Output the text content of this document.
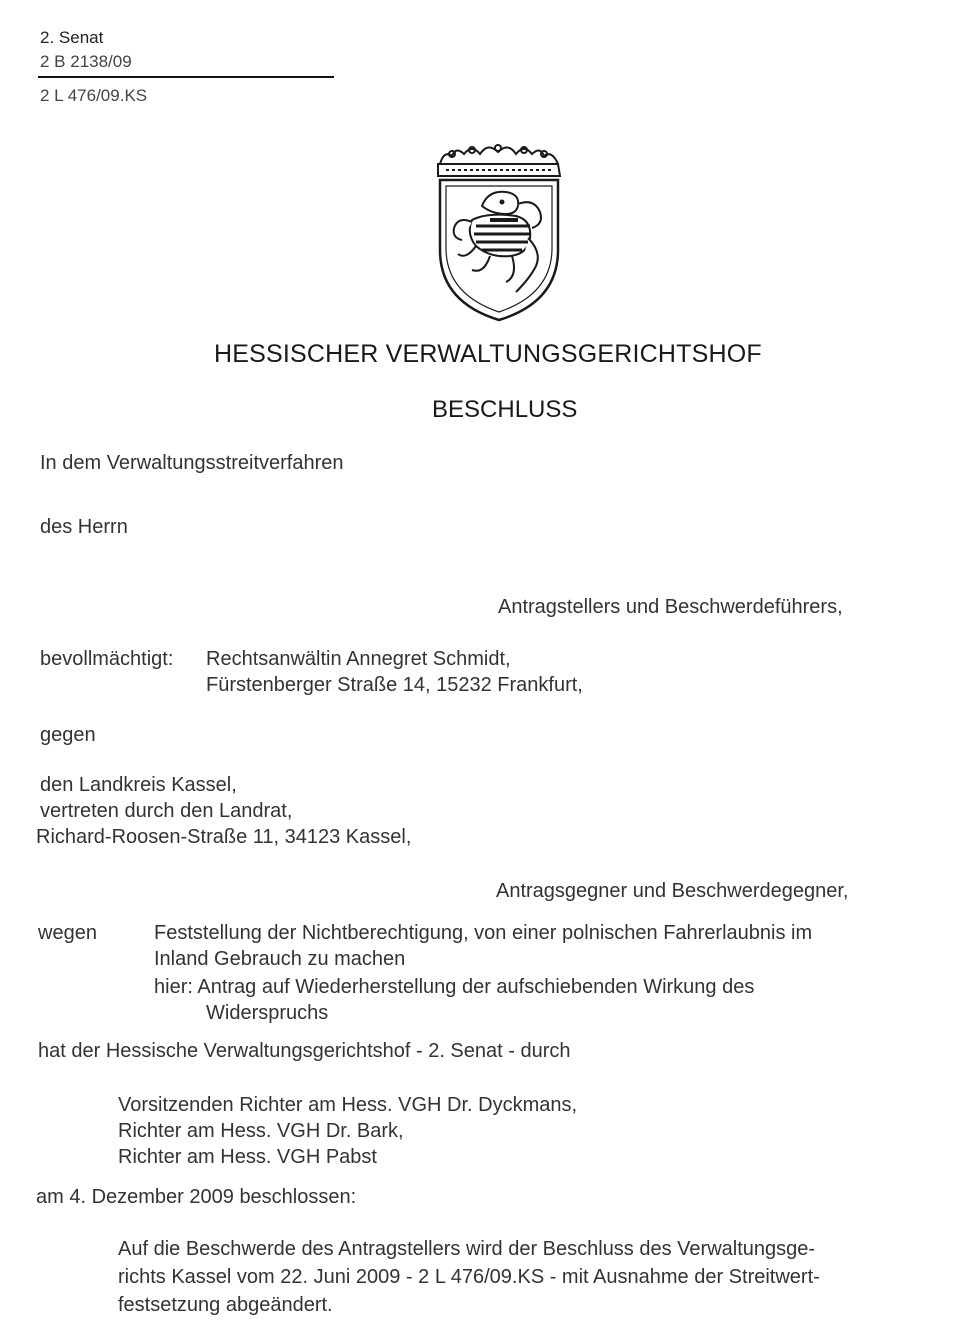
2. Senat
2 B 2138/09
2 L 476/09.KS
HESSISCHER VERWALTUNGSGERICHTSHOF
BESCHLUSS
In dem Verwaltungsstreitverfahren
des Herrn
Antragstellers und Beschwerdeführers,
bevollmächtigt: Rechtsanwältin Annegret Schmidt,
Fürstenberger Straße 14, 15232 Frankfurt,
gegen
den Landkreis Kassel,
vertreten durch den Landrat,
Richard-Roosen-Straße 11, 34123 Kassel,
Antragsgegner und Beschwerdegegner,
wegen	Feststellung der Nichtberechtigung, von einer polnischen Fahrerlaubnis im
Inland Gebrauch zu machen
hier: Antrag auf Wiederherstellung der aufschiebenden Wirkung des
Widerspruchs
hat der Hessische Verwaltungsgerichtshof - 2. Senat - durch
Vorsitzenden Richter am Hess. VGH Dr. Dyckmans,
Richter am Hess. VGH Dr. Bark,
Richter am Hess. VGH Pabst
am 4. Dezember 2009 beschlossen:
Auf die Beschwerde des Antragstellers wird der Beschluss des Verwaltungsge-
richts Kassel vom 22. Juni 2009 - 2 L 476/09.KS - mit Ausnahme der Streitwert-
festsetzung abgeändert.
